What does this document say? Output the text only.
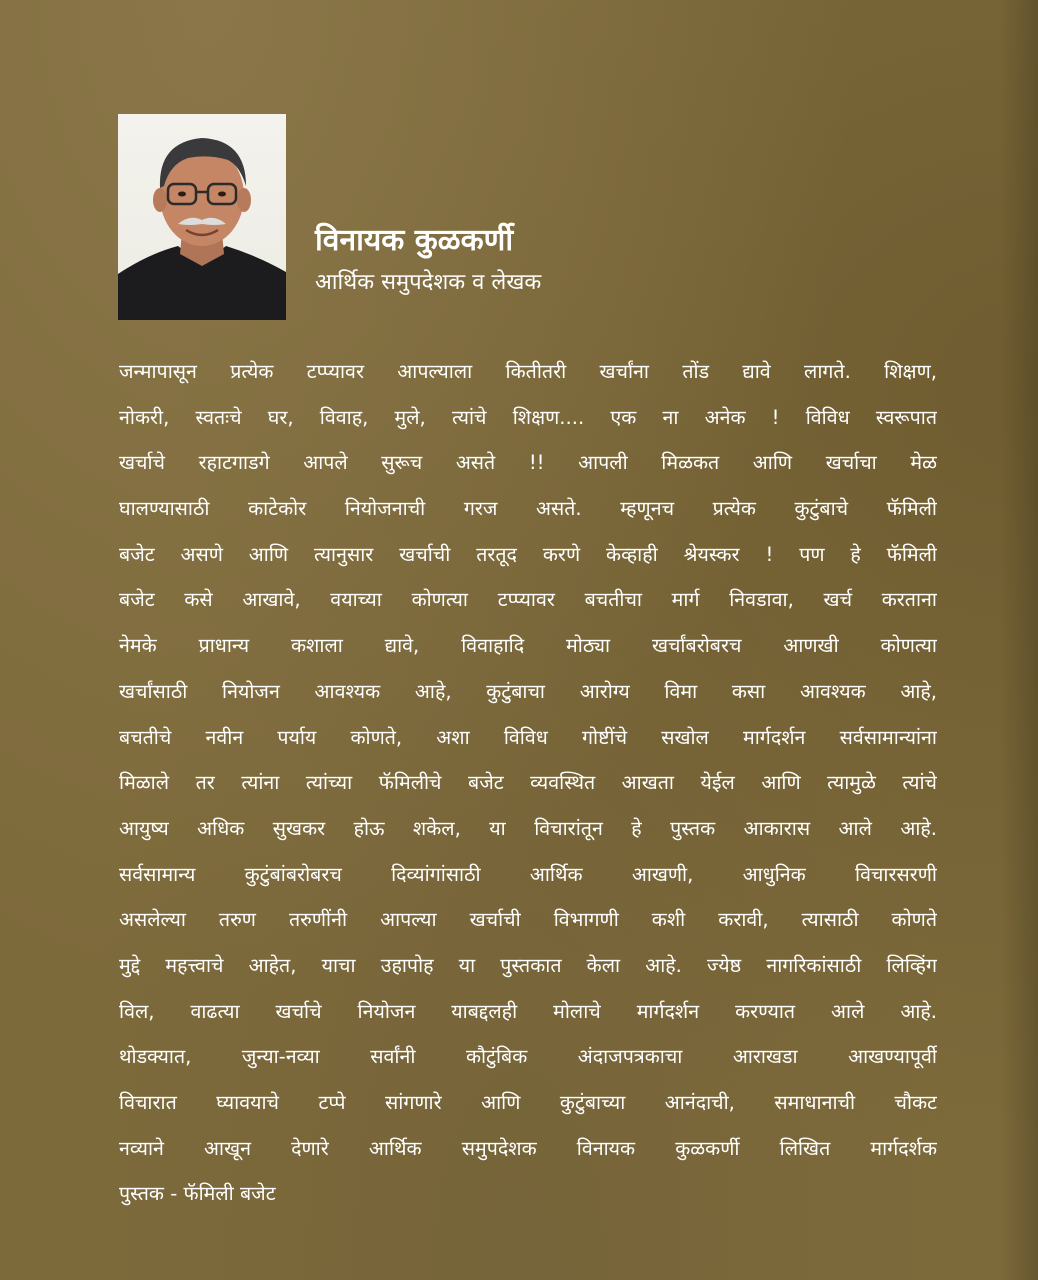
विनायक कुळकर्णी
आर्थिक समुपदेशक व लेखक
जन्मापासून प्रत्येक टप्प्यावर आपल्याला कितीतरी खर्चांना तोंड द्यावे लागते. शिक्षण,
नोकरी, स्वतःचे घर, विवाह, मुले, त्यांचे शिक्षण.... एक ना अनेक ! विविध स्वरूपात
खर्चाचे रहाटगाडगे आपले सुरूच असते !! आपली मिळकत आणि खर्चाचा मेळ
घालण्यासाठी काटेकोर नियोजनाची गरज असते. म्हणूनच प्रत्येक कुटुंबाचे फॅमिली
बजेट असणे आणि त्यानुसार खर्चाची तरतूद करणे केव्हाही श्रेयस्कर ! पण हे फॅमिली
बजेट कसे आखावे, वयाच्या कोणत्या टप्प्यावर बचतीचा मार्ग निवडावा, खर्च करताना
नेमके प्राधान्य कशाला द्यावे, विवाहादि मोठ्या खर्चांबरोबरच आणखी कोणत्या
खर्चांसाठी नियोजन आवश्यक आहे, कुटुंबाचा आरोग्य विमा कसा आवश्यक आहे,
बचतीचे नवीन पर्याय कोणते, अशा विविध गोष्टींचे सखोल मार्गदर्शन सर्वसामान्यांना
मिळाले तर त्यांना त्यांच्या फॅमिलीचे बजेट व्यवस्थित आखता येईल आणि त्यामुळे त्यांचे
आयुष्य अधिक सुखकर होऊ शकेल, या विचारांतून हे पुस्तक आकारास आले आहे.
सर्वसामान्य कुटुंबांबरोबरच दिव्यांगांसाठी आर्थिक आखणी, आधुनिक विचारसरणी
असलेल्या तरुण तरुणींनी आपल्या खर्चाची विभागणी कशी करावी, त्यासाठी कोणते
मुद्दे महत्त्वाचे आहेत, याचा उहापोह या पुस्तकात केला आहे. ज्येष्ठ नागरिकांसाठी लिव्हिंग
विल, वाढत्या खर्चाचे नियोजन याबद्दलही मोलाचे मार्गदर्शन करण्यात आले आहे.
थोडक्यात, जुन्या-नव्या सर्वांनी कौटुंबिक अंदाजपत्रकाचा आराखडा आखण्यापूर्वी
विचारात घ्यावयाचे टप्पे सांगणारे आणि कुटुंबाच्या आनंदाची, समाधानाची चौकट
नव्याने आखून देणारे आर्थिक समुपदेशक विनायक कुळकर्णी लिखित मार्गदर्शक
पुस्तक - फॅमिली बजेट
